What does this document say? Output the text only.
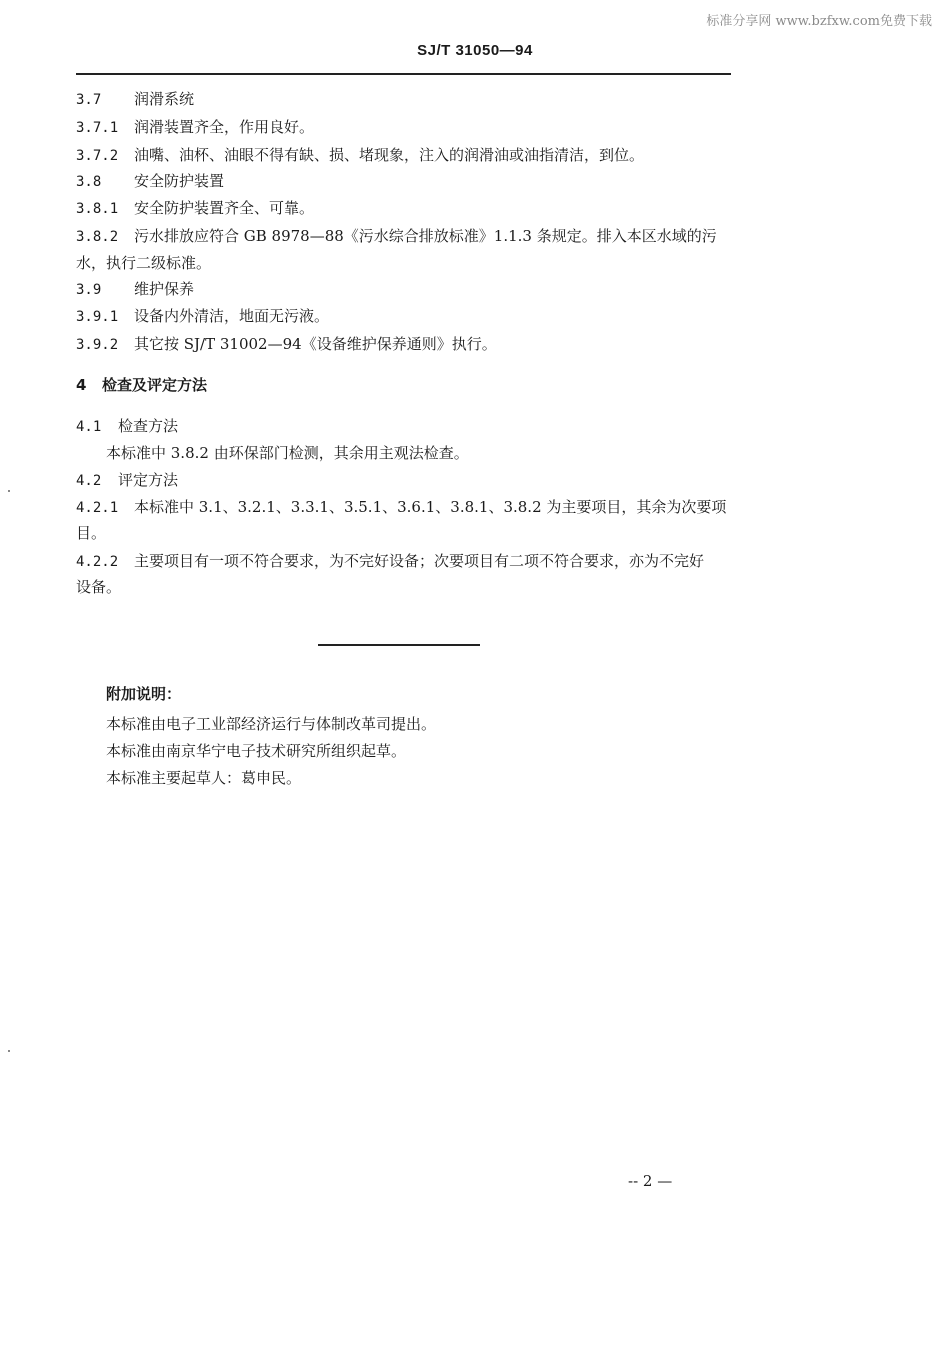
标准分享网 www.bzfxw.com免费下载
SJ/T 31050—94
3.7 润滑系统
3.7.1 润滑装置齐全，作用良好。
3.7.2 油嘴、油杯、油眼不得有缺、损、堵现象，注入的润滑油或油指清洁，到位。
3.8 安全防护装置
3.8.1 安全防护装置齐全、可靠。
3.8.2 污水排放应符合 GB 8978—88《污水综合排放标准》1.1.3 条规定。排入本区水域的污
水，执行二级标准。
3.9 维护保养
3.9.1 设备内外清洁，地面无污液。
3.9.2 其它按 SJ/T 31002—94《设备维护保养通则》执行。
4 检查及评定方法
4.1 检查方法
本标准中 3.8.2 由环保部门检测，其余用主观法检查。
4.2 评定方法
4.2.1 本标准中 3.1、3.2.1、3.3.1、3.5.1、3.6.1、3.8.1、3.8.2 为主要项目，其余为次要项
目。
4.2.2 主要项目有一项不符合要求，为不完好设备；次要项目有二项不符合要求，亦为不完好
设备。
附加说明：
本标准由电子工业部经济运行与体制改革司提出。
本标准由南京华宁电子技术研究所组织起草。
本标准主要起草人：葛申民。
-- 2 —
